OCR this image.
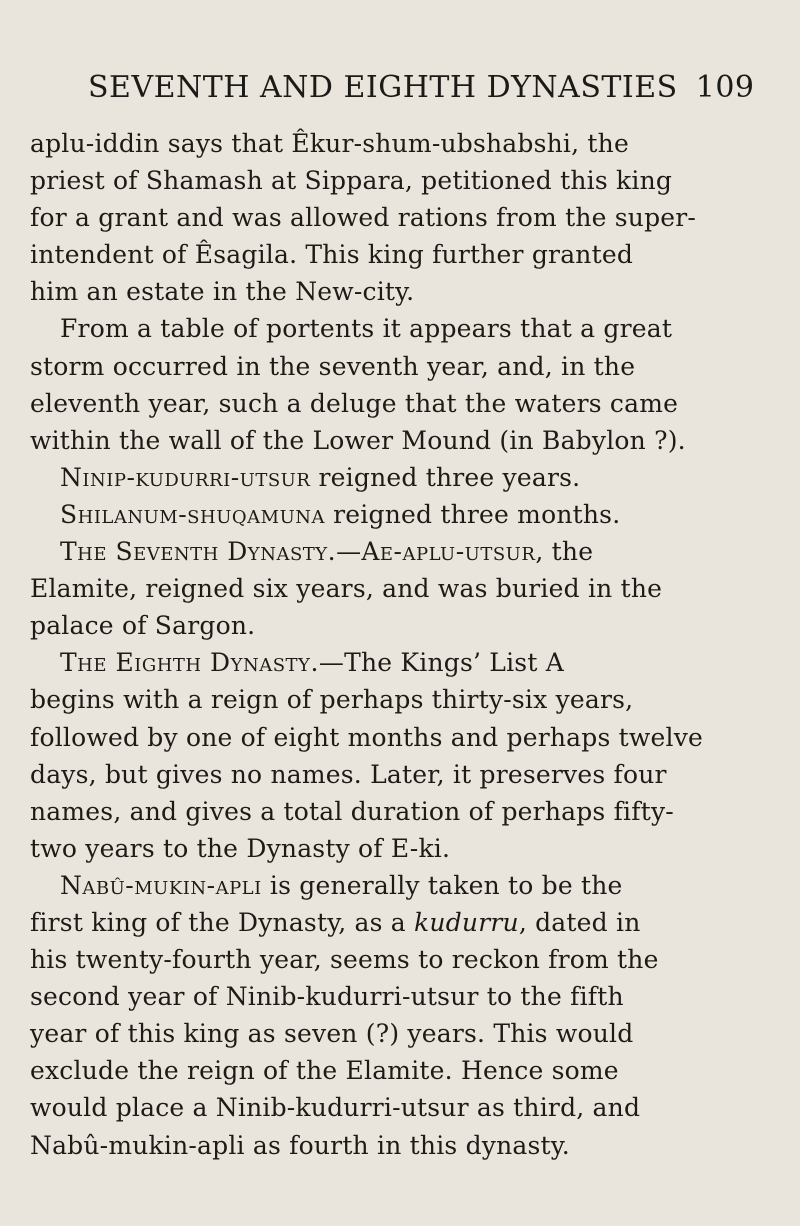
SEVENTH AND EIGHTH DYNASTIES 109
aplu-iddin says that Êkur-shum-ubshabshi, the
priest of Shamash at Sippara, petitioned this king
for a grant and was allowed rations from the super-
intendent of Êsagila. This king further granted
him an estate in the New-city.
From a table of portents it appears that a great
storm occurred in the seventh year, and, in the
eleventh year, such a deluge that the waters came
within the wall of the Lower Mound (in Babylon ?).
Ninip-kudurri-utsur reigned three years.
Shilanum-shuqamuna reigned three months.
The Seventh Dynasty.—Ae-aplu-utsur, the
Elamite, reigned six years, and was buried in the
palace of Sargon.
The Eighth Dynasty.—The Kings’ List A
begins with a reign of perhaps thirty-six years,
followed by one of eight months and perhaps twelve
days, but gives no names. Later, it preserves four
names, and gives a total duration of perhaps fifty-
two years to the Dynasty of E-ki.
Nabû-mukin-apli is generally taken to be the
first king of the Dynasty, as a kudurru, dated in
his twenty-fourth year, seems to reckon from the
second year of Ninib-kudurri-utsur to the fifth
year of this king as seven (?) years. This would
exclude the reign of the Elamite. Hence some
would place a Ninib-kudurri-utsur as third, and
Nabû-mukin-apli as fourth in this dynasty.
